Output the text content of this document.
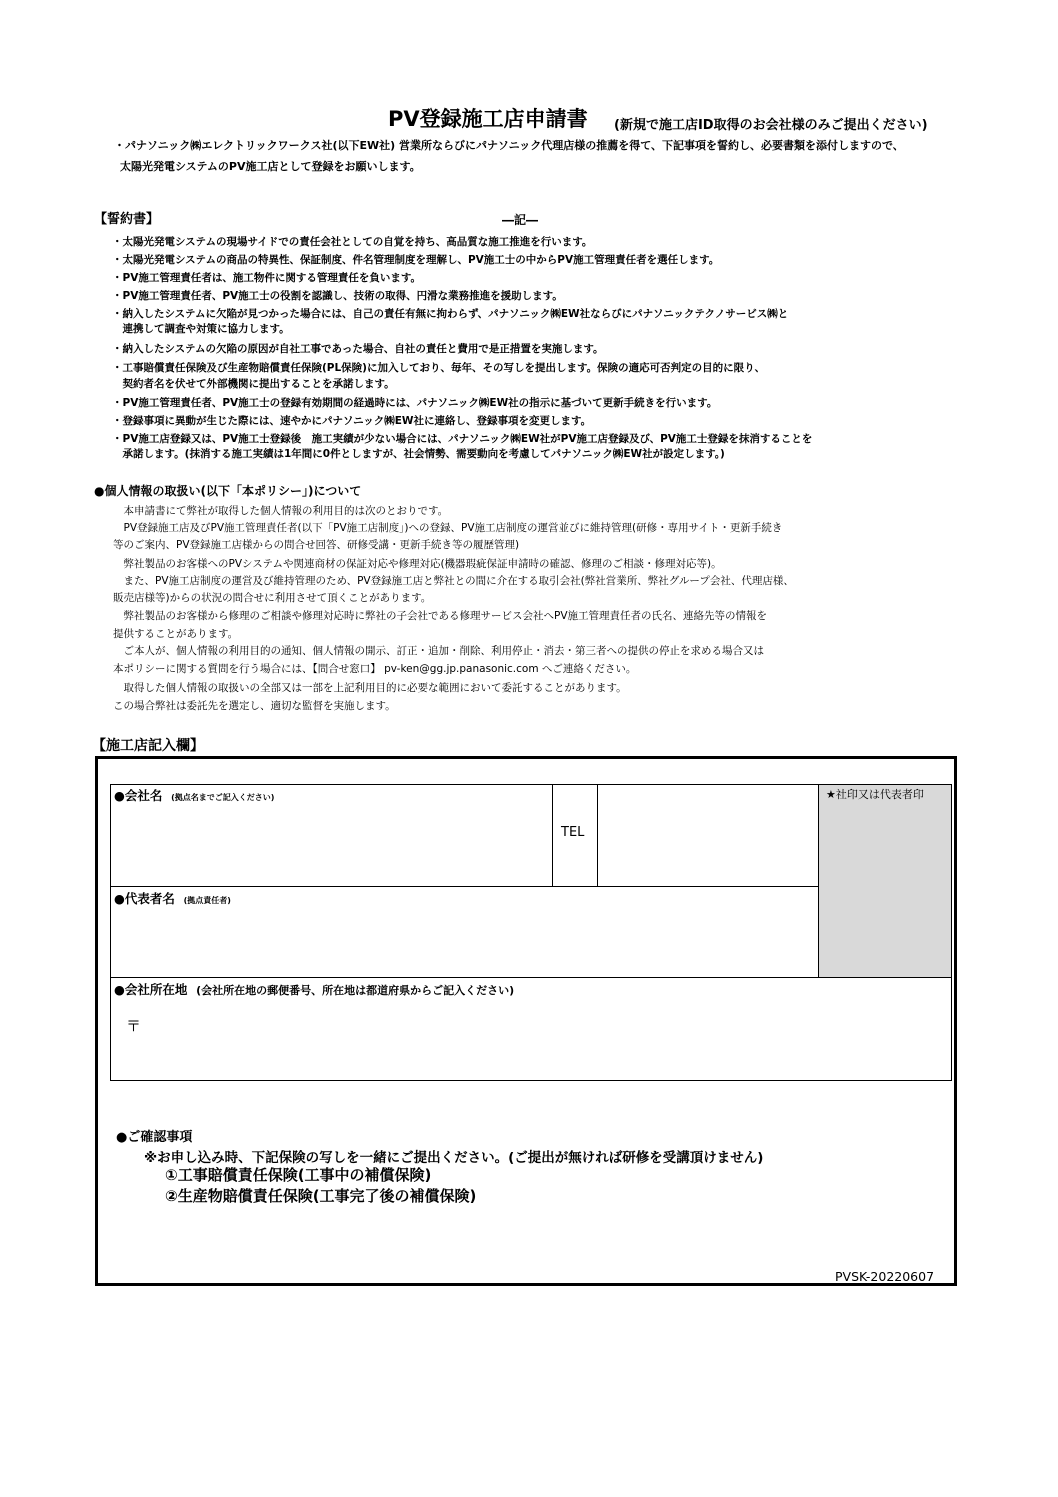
PV登録施工店申請書 (新規で施工店ID取得のお会社様のみご提出ください)
・パナソニック㈱エレクトリックワークス社(以下EW社) 営業所ならびにパナソニック代理店様の推薦を得て、下記事項を誓約し、必要書類を添付しますので、
太陽光発電システムのPV施工店として登録をお願いします。
【誓約書】	―記―
・太陽光発電システムの現場サイドでの責任会社としての自覚を持ち、高品質な施工推進を行います。
・太陽光発電システムの商品の特異性、保証制度、件名管理制度を理解し、PV施工士の中からPV施工管理責任者を選任します。
・PV施工管理責任者は、施工物件に関する管理責任を負います。
・PV施工管理責任者、PV施工士の役割を認識し、技術の取得、円滑な業務推進を援助します。
・納入したシステムに欠陥が見つかった場合には、自己の責任有無に拘わらず、パナソニック㈱EW社ならびにパナソニックテクノサービス㈱と
　連携して調査や対策に協力します。
・納入したシステムの欠陥の原因が自社工事であった場合、自社の責任と費用で是正措置を実施します。
・工事賠償責任保険及び生産物賠償責任保険(PL保険)に加入しており、毎年、その写しを提出します。保険の適応可否判定の目的に限り、
　契約者名を伏せて外部機関に提出することを承諾します。
・PV施工管理責任者、PV施工士の登録有効期間の経過時には、パナソニック㈱EW社の指示に基づいて更新手続きを行います。
・登録事項に異動が生じた際には、速やかにパナソニック㈱EW社に連絡し、登録事項を変更します。
・PV施工店登録又は、PV施工士登録後　施工実績が少ない場合には、パナソニック㈱EW社がPV施工店登録及び、PV施工士登録を抹消することを
　承諾します。(抹消する施工実績は1年間に0件としますが、社会情勢、需要動向を考慮してパナソニック㈱EW社が設定します。)
●個人情報の取扱い(以下「本ポリシー」)について
　本申請書にて弊社が取得した個人情報の利用目的は次のとおりです。
　PV登録施工店及びPV施工管理責任者(以下「PV施工店制度」)への登録、PV施工店制度の運営並びに維持管理(研修・専用サイト・更新手続き
等のご案内、PV登録施工店様からの問合せ回答、研修受講・更新手続き等の履歴管理)
　弊社製品のお客様へのPVシステムや関連商材の保証対応や修理対応(機器瑕疵保証申請時の確認、修理のご相談・修理対応等)。
　また、PV施工店制度の運営及び維持管理のため、PV登録施工店と弊社との間に介在する取引会社(弊社営業所、弊社グループ会社、代理店様、
販売店様等)からの状況の問合せに利用させて頂くことがあります。
　弊社製品のお客様から修理のご相談や修理対応時に弊社の子会社である修理サービス会社へPV施工管理責任者の氏名、連絡先等の情報を
提供することがあります。
　ご本人が、個人情報の利用目的の通知、個人情報の開示、訂正・追加・削除、利用停止・消去・第三者への提供の停止を求める場合又は
本ポリシーに関する質問を行う場合には、【問合せ窓口】 pv-ken@gg.jp.panasonic.com へご連絡ください。
　取得した個人情報の取扱いの全部又は一部を上記利用目的に必要な範囲において委託することがあります。
この場合弊社は委託先を選定し、適切な監督を実施します。
【施工店記入欄】
●会社名 (拠点名までご記入ください)
TEL
★社印又は代表者印
●代表者名 (拠点責任者)
●会社所在地 (会社所在地の郵便番号、所在地は都道府県からご記入ください)
〒
●ご確認事項
※お申し込み時、下記保険の写しを一緒にご提出ください。(ご提出が無ければ研修を受講頂けません)
①工事賠償責任保険(工事中の補償保険)
②生産物賠償責任保険(工事完了後の補償保険)
PVSK-20220607
